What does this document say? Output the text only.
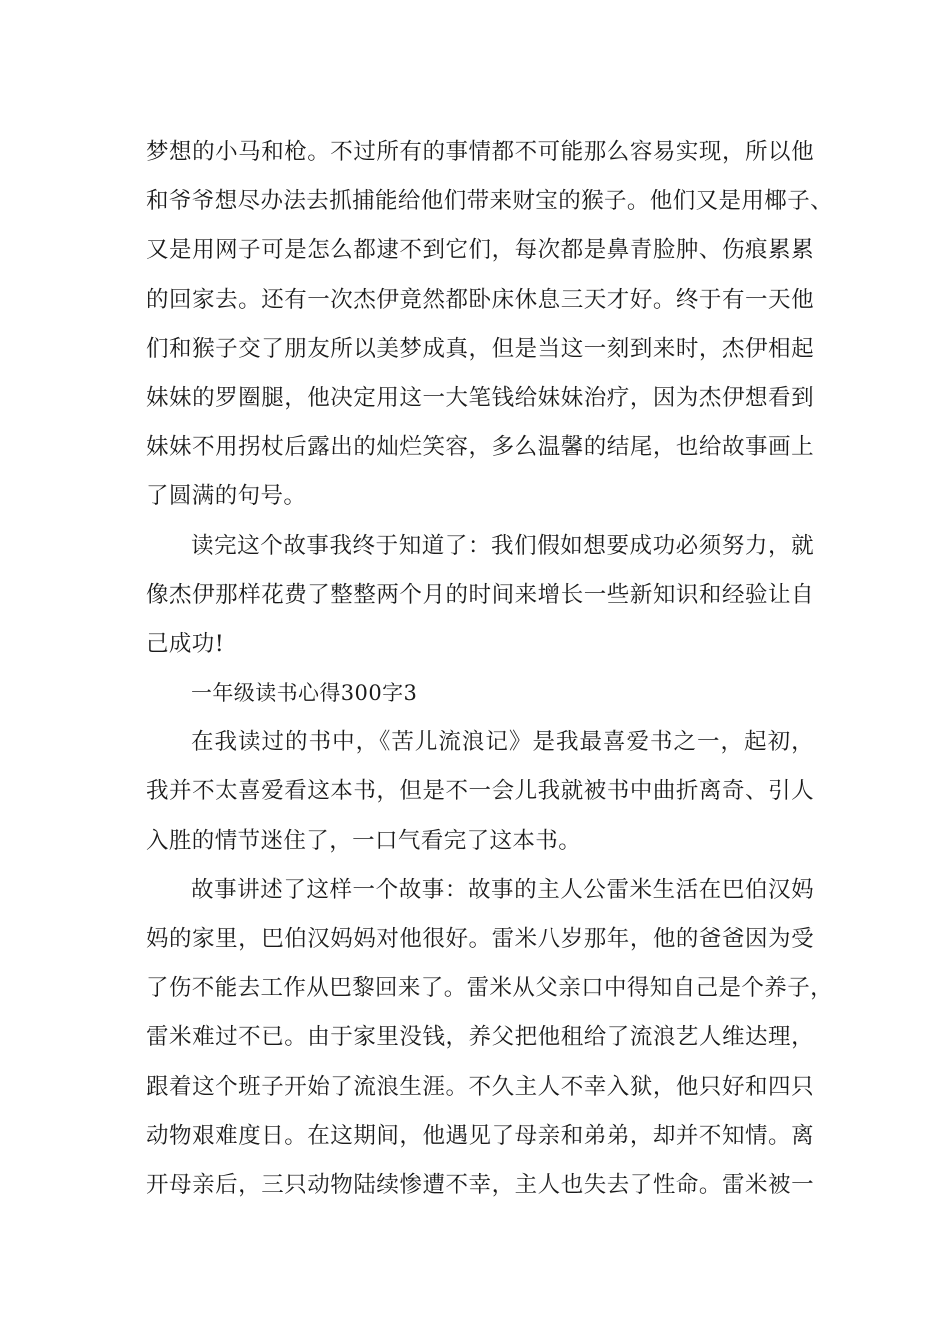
梦想的小马和枪。不过所有的事情都不可能那么容易实现，所以他
和爷爷想尽办法去抓捕能给他们带来财宝的猴子。他们又是用椰子、
又是用网子可是怎么都逮不到它们，每次都是鼻青脸肿、伤痕累累
的回家去。还有一次杰伊竟然都卧床休息三天才好。终于有一天他
们和猴子交了朋友所以美梦成真，但是当这一刻到来时，杰伊相起
妹妹的罗圈腿，他决定用这一大笔钱给妹妹治疗，因为杰伊想看到
妹妹不用拐杖后露出的灿烂笑容，多么温馨的结尾，也给故事画上
了圆满的句号。
读完这个故事我终于知道了：我们假如想要成功必须努力，就
像杰伊那样花费了整整两个月的时间来增长一些新知识和经验让自
己成功!
一年级读书心得300字3
在我读过的书中，《苦儿流浪记》是我最喜爱书之一，起初，
我并不太喜爱看这本书，但是不一会儿我就被书中曲折离奇、引人
入胜的情节迷住了，一口气看完了这本书。
故事讲述了这样一个故事：故事的主人公雷米生活在巴伯汉妈
妈的家里，巴伯汉妈妈对他很好。雷米八岁那年，他的爸爸因为受
了伤不能去工作从巴黎回来了。雷米从父亲口中得知自己是个养子，
雷米难过不已。由于家里没钱，养父把他租给了流浪艺人维达理，
跟着这个班子开始了流浪生涯。不久主人不幸入狱，他只好和四只
动物艰难度日。在这期间，他遇见了母亲和弟弟，却并不知情。离
开母亲后，三只动物陆续惨遭不幸，主人也失去了性命。雷米被一
